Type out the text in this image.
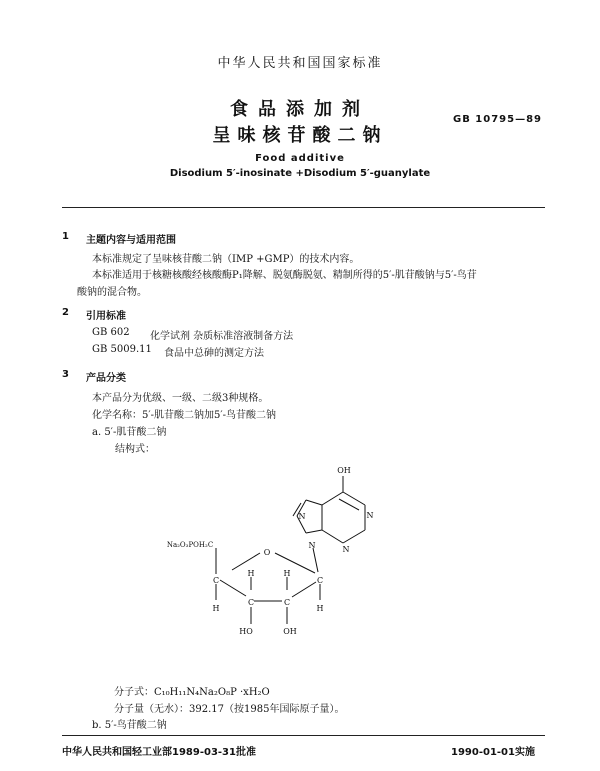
中华人民共和国国家标准
食品添加剂
呈味核苷酸二钠
GB 10795—89
Food additive
Disodium 5′-inosinate +Disodium 5′-guanylate
1 主题内容与适用范围
本标准规定了呈味核苷酸二钠（IMP +GMP）的技术内容。
本标准适用于核糖核酸经核酸酶P₁降解、脱氨酶脱氨、精制所得的5′-肌苷酸钠与5′-鸟苷
酸钠的混合物。
2 引用标准
GB 602 化学试剂 杂质标准溶液制备方法
GB 5009.11 食品中总砷的测定方法
3 产品分类
本产品分为优级、一级、二级3种规格。
化学名称：5′-肌苷酸二钠加5′-鸟苷酸二钠
a. 5′-肌苷酸二钠
结构式：
OH
N	N
N
N
Na₂O₃POH₂C
O
C
C	C
C
H
H	H
H
HO	OH
分子式：C₁₀H₁₁N₄Na₂O₈P ·xH₂O
分子量（无水）：392.17（按1985年国际原子量）。
b. 5′-鸟苷酸二钠
中华人民共和国轻工业部1989-03-31批准	1990-01-01实施
